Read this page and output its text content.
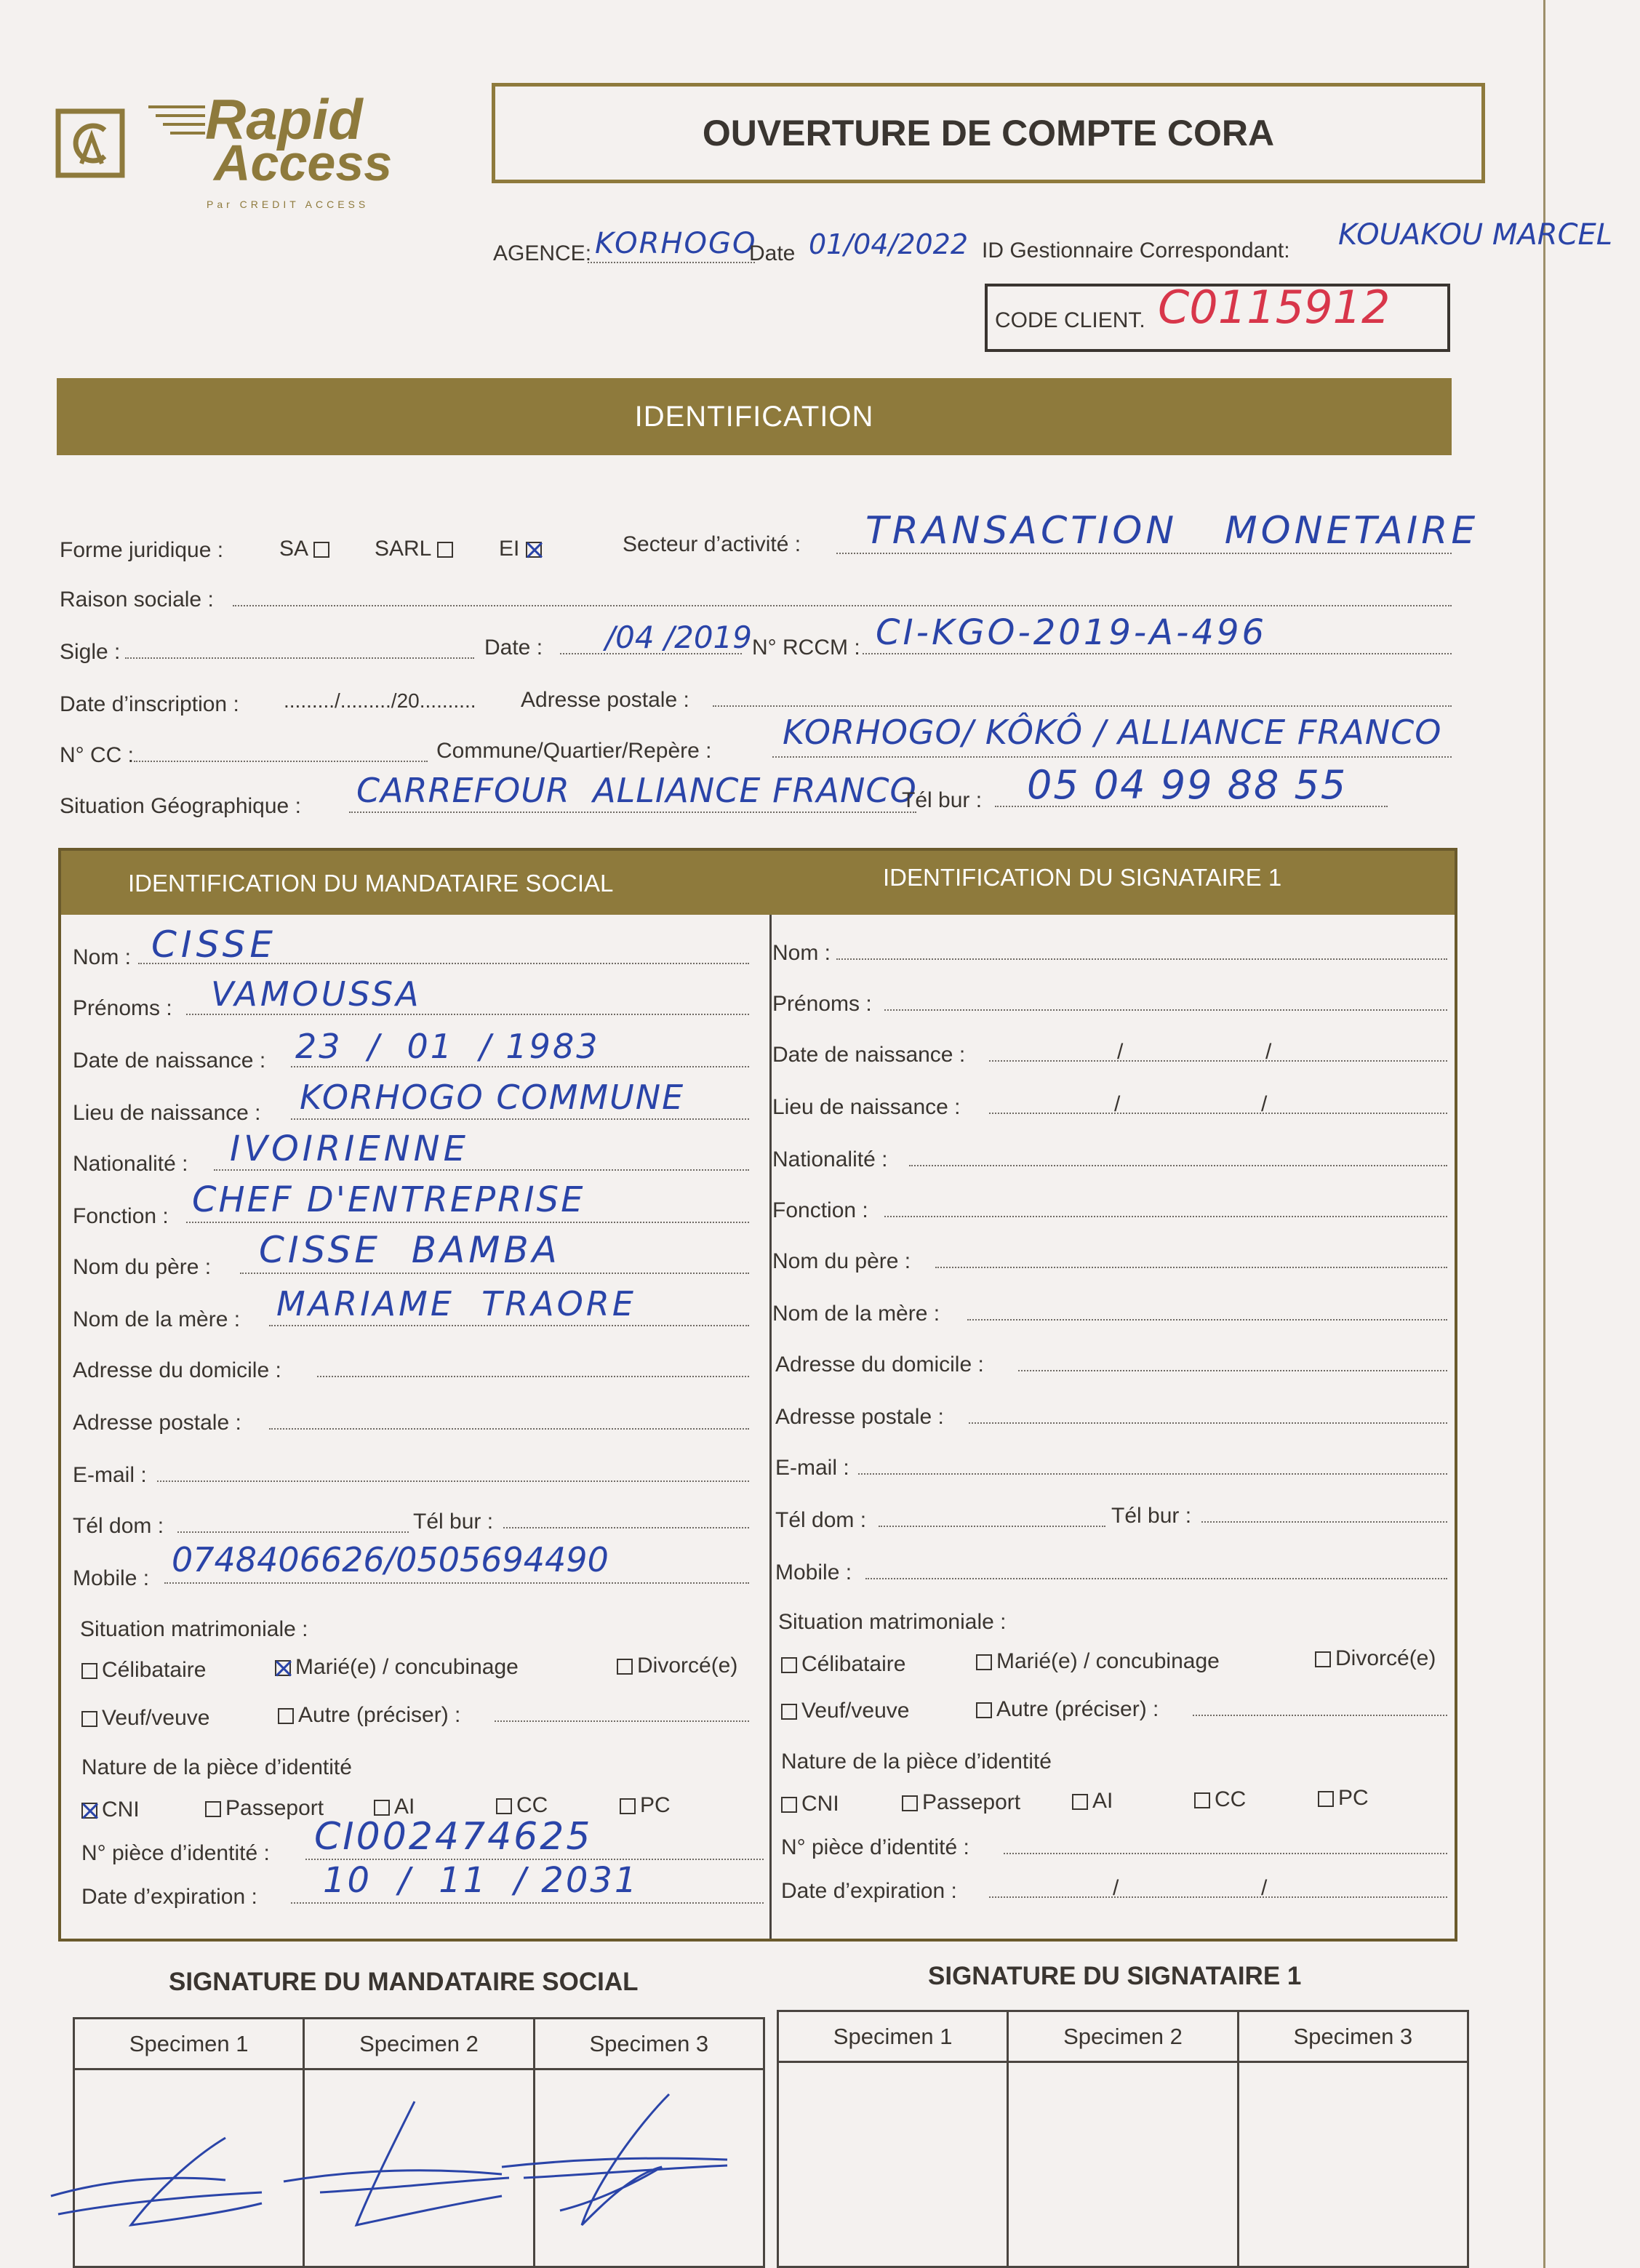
Rapid
Access
Par CREDIT ACCESS
OUVERTURE DE COMPTE CORA
AGENCE: KORHOGO
Date 01/04/2022 ID Gestionnaire Correspondant: KOUAKOU MARCEL
CODE CLIENT. C0115912
IDENTIFICATION
Forme juridique :	SA	SARL	EI	Secteur d’activité : TRANSACTION   MONETAIRE
Raison sociale :
Sigle :	Date : /04 /2019 N° RCCM : CI-KGO-2019-A-496
Date d’inscription : ........./........./20.......... Adresse postale :
N° CC :	Commune/Quartier/Repère : KORHOGO/ KÔKÔ / ALLIANCE FRANCO
Situation Géographique : CARREFOUR  ALLIANCE FRANCO
Tél bur : 05 04 99 88 55
IDENTIFICATION DU MANDATAIRE SOCIAL	IDENTIFICATION DU SIGNATAIRE 1
Nom : CISSE
Prénoms : VAMOUSSA
Date de naissance : 23  /  01  / 1983
Lieu de naissance : KORHOGO COMMUNE
Nationalité : IVOIRIENNE
Fonction : CHEF D'ENTREPRISE
Nom du père : CISSE  BAMBA
Nom de la mère : MARIAME  TRAORE
Adresse du domicile :
Adresse postale :
E-mail :
Tél dom :	Tél bur :
Mobile : 0748406626/0505694490
Situation matrimoniale :
Célibataire	Marié(e) / concubinage	Divorcé(e)
Veuf/veuve	Autre (préciser) :
Nature de la pièce d’identité
CNI	Passeport	AI	CC	PC
N° pièce d’identité : CI002474625
Date d’expiration : 10  /  11  / 2031
Nom :
Prénoms :
Date de naissance :	/	/
Lieu de naissance :	/	/
Nationalité :
Fonction :
Nom du père :
Nom de la mère :
Adresse du domicile :
Adresse postale :
E-mail :
Tél dom :	Tél bur :
Mobile :
Situation matrimoniale :
Célibataire	Marié(e) / concubinage	Divorcé(e)
Veuf/veuve	Autre (préciser) :
Nature de la pièce d’identité
CNI	Passeport	AI	CC	PC
N° pièce d’identité :
Date d’expiration :	/	/
SIGNATURE DU MANDATAIRE SOCIAL	SIGNATURE DU SIGNATAIRE 1
Specimen 1	Specimen 2	Specimen 3
			Specimen 1	Specimen 2	Specimen 3
